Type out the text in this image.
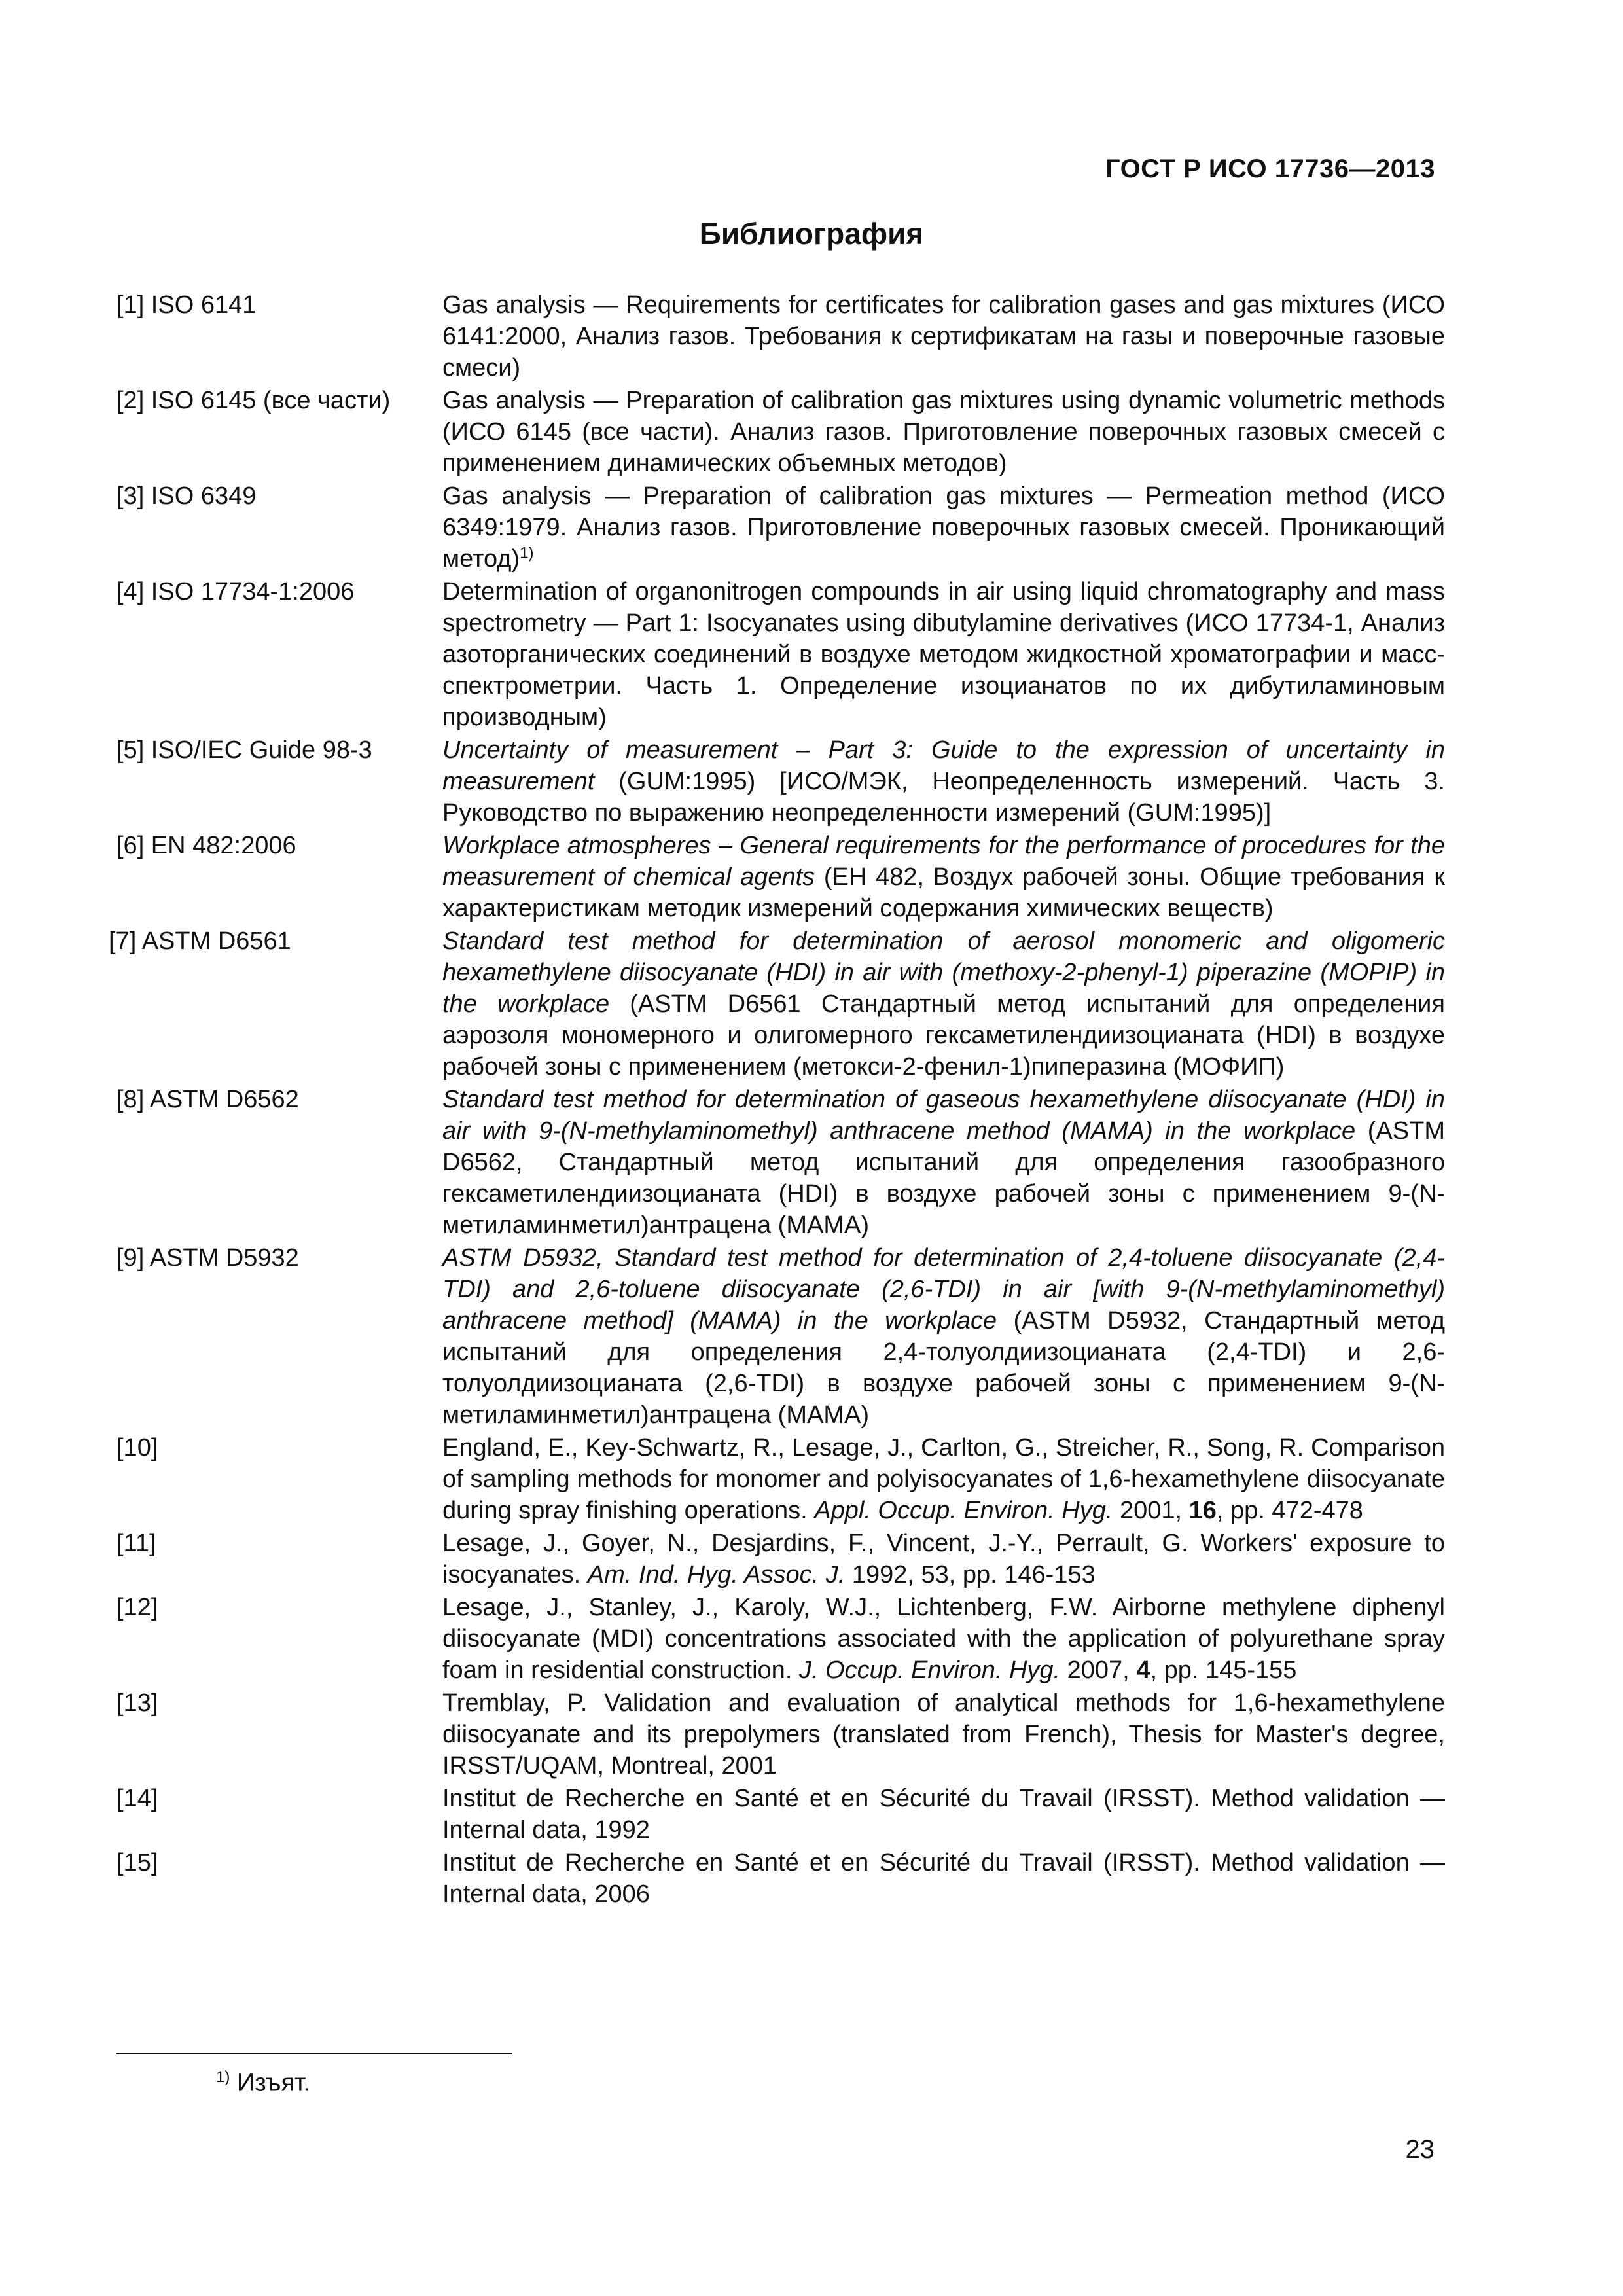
ГОСТ Р ИСО 17736—2013
Библиография
[1] ISO 6141	Gas analysis — Requirements for certificates for calibration gases and gas mixtures (ИСО 6141:2000, Анализ газов. Требования к сертификатам на газы и поверочные газовые смеси)
[2] ISO 6145 (все части)	Gas analysis — Preparation of calibration gas mixtures using dynamic volumetric methods (ИСО 6145 (все части). Анализ газов. Приготовление поверочных газовых смесей с применением динамических объемных методов)
[3] ISO 6349	Gas analysis — Preparation of calibration gas mixtures — Permeation method (ИСО 6349:1979. Анализ газов. Приготовление поверочных газовых смесей. Проникающий метод)$^{1)}$
[4] ISO 17734-1:2006	Determination of organonitrogen compounds in air using liquid chromatography and mass spectrometry — Part 1: Isocyanates using dibutylamine derivatives (ИСО 17734-1, Анализ азоторганических соединений в воздухе методом жидкостной хроматографии и масс-спектрометрии. Часть 1. Определение изоцианатов по их дибутиламиновым производным)
[5] ISO/IEC Guide 98-3	Uncertainty of measurement – Part 3: Guide to the expression of uncertainty in measurement (GUM:1995) [ИСО/МЭК, Неопределенность измерений. Часть 3. Руководство по выражению неопределенности измерений (GUM:1995)]
[6] EN 482:2006	Workplace atmospheres – General requirements for the performance of procedures for the measurement of chemical agents (ЕН 482, Воздух рабочей зоны. Общие требования к характеристикам методик измерений содержания химических веществ)
[7] ASTM D6561	Standard test method for determination of aerosol monomeric and oligomeric hexamethylene diisocyanate (HDI) in air with (methoxy-2-phenyl-1) piperazine (MOPIP) in the workplace (ASTM D6561 Стандартный метод испытаний для определения аэрозоля мономерного и олигомерного гексаметилендиизоцианата (HDI) в воздухе рабочей зоны с применением (метокси-2-фенил-1)пиперазина (МОФИП)
[8] ASTM D6562	Standard test method for determination of gaseous hexamethylene diisocyanate (HDI) in air with 9-(N-methylaminomethyl) anthracene method (MAMA) in the workplace (ASTM D6562, Стандартный метод испытаний для определения газообразного гексаметилендиизоцианата (HDI) в воздухе рабочей зоны с применением 9-(N-метиламинметил)антрацена (МАМА)
[9] ASTM D5932	ASTM D5932, Standard test method for determination of 2,4-toluene diisocyanate (2,4-TDI) and 2,6-toluene diisocyanate (2,6-TDI) in air [with 9-(N-methylaminomethyl) anthracene method] (MAMA) in the workplace (ASTM D5932, Стандартный метод испытаний для определения 2,4-толуолдиизоцианата (2,4-TDI) и 2,6-толуолдиизоцианата (2,6-TDI) в воздухе рабочей зоны с применением 9-(N-метиламинметил)антрацена (МАМА)
[10]	England, E., Key-Schwartz, R., Lesage, J., Carlton, G., Streicher, R., Song, R. Comparison of sampling methods for monomer and polyisocyanates of 1,6-hexamethylene diisocyanate during spray finishing operations. Appl. Occup. Environ. Hyg. 2001, 16, pp. 472-478
[11]	Lesage, J., Goyer, N., Desjardins, F., Vincent, J.-Y., Perrault, G. Workers' exposure to isocyanates. Am. Ind. Hyg. Assoc. J. 1992, 53, pp. 146-153
[12]	Lesage, J., Stanley, J., Karoly, W.J., Lichtenberg, F.W. Airborne methylene diphenyl diisocyanate (MDI) concentrations associated with the application of polyurethane spray foam in residential construction. J. Occup. Environ. Hyg. 2007, 4, pp. 145-155
[13]	Tremblay, P. Validation and evaluation of analytical methods for 1,6-hexamethylene diisocyanate and its prepolymers (translated from French), Thesis for Master's degree, IRSST/UQAM, Montreal, 2001
[14]	Institut de Recherche en Santé et en Sécurité du Travail (IRSST). Method validation — Internal data, 1992
[15]	Institut de Recherche en Santé et en Sécurité du Travail (IRSST). Method validation — Internal data, 2006
$^{1)}$ Изъят.
23
